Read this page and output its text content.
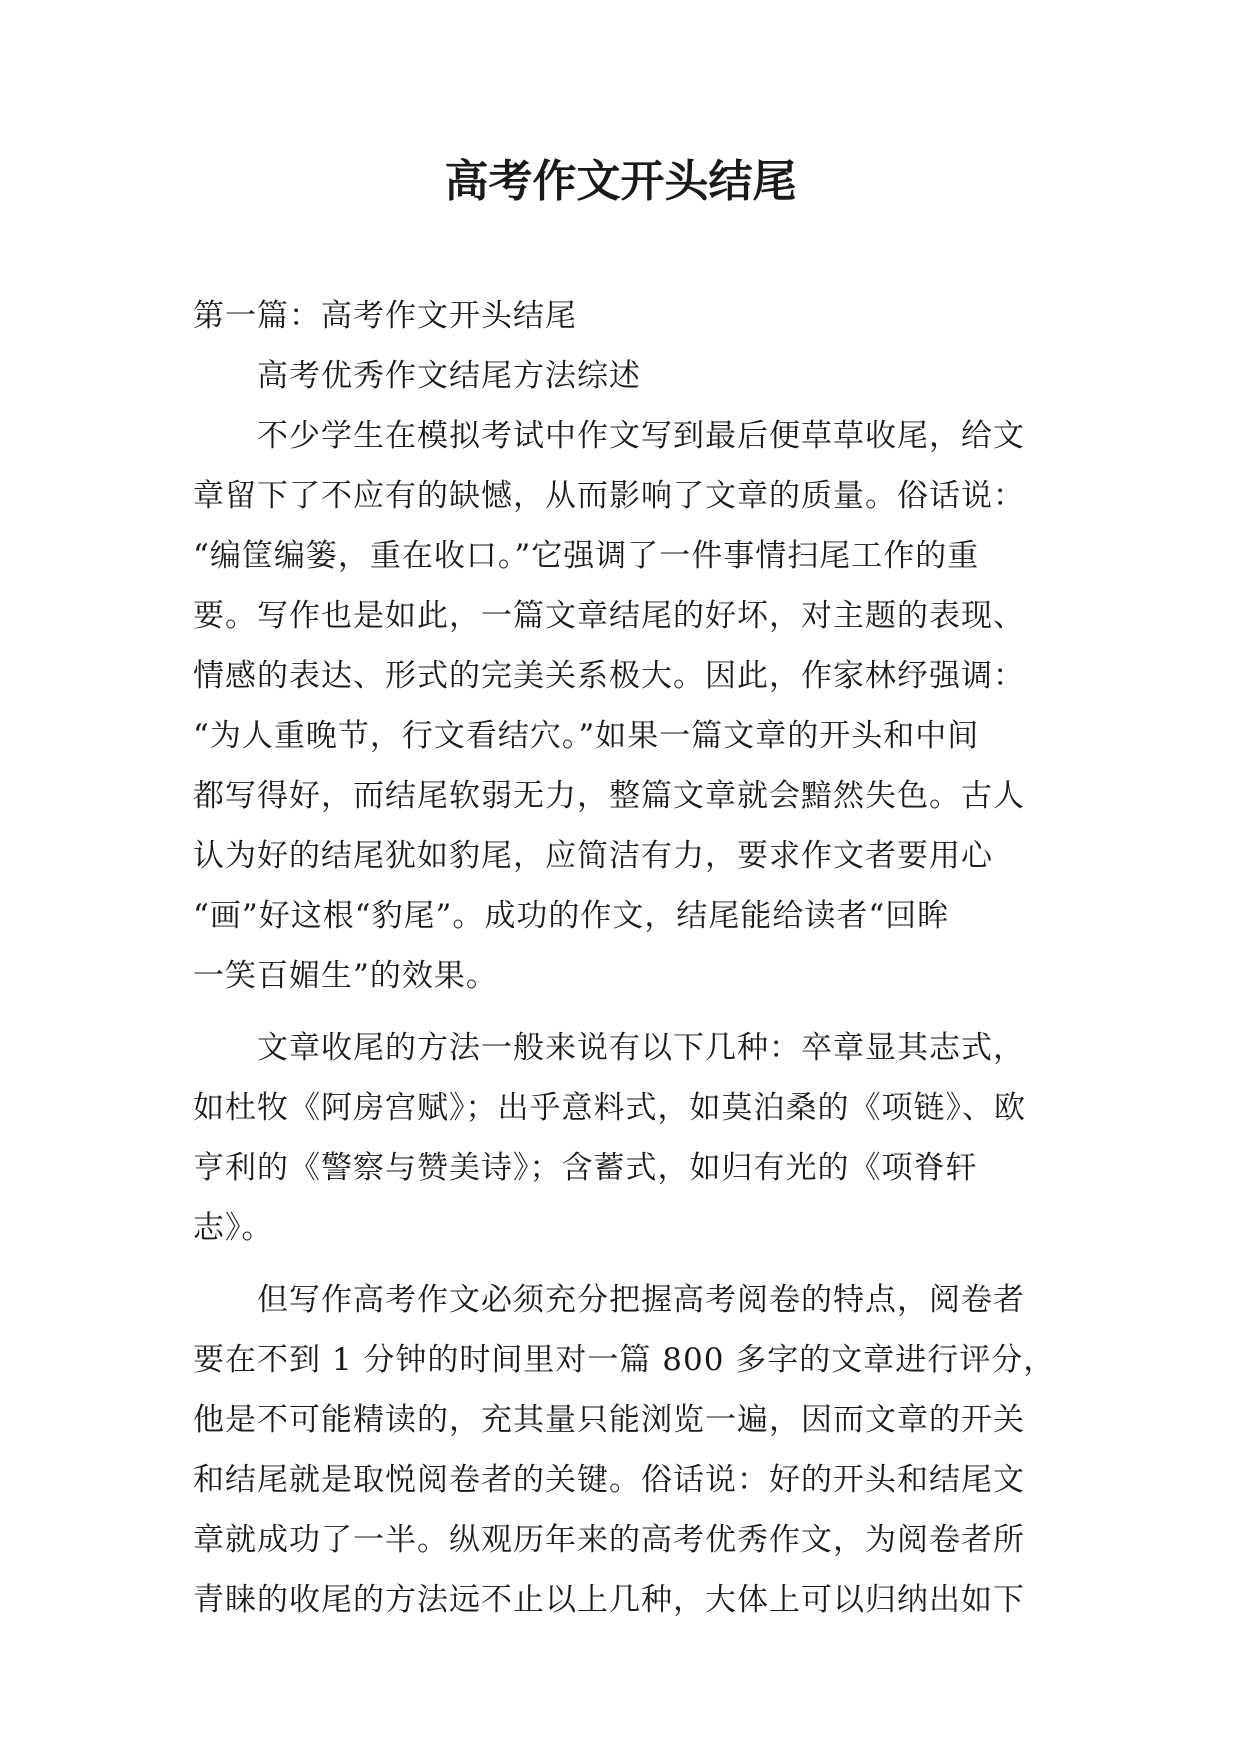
高考作文开头结尾
第一篇：高考作文开头结尾
高考优秀作文结尾方法综述
不少学生在模拟考试中作文写到最后便草草收尾，给文
章留下了不应有的缺憾，从而影响了文章的质量。俗话说：
“编筐编篓，重在收口。”它强调了一件事情扫尾工作的重
要。写作也是如此，一篇文章结尾的好坏，对主题的表现、
情感的表达、形式的完美关系极大。因此，作家林纾强调：
“为人重晚节，行文看结穴。”如果一篇文章的开头和中间
都写得好，而结尾软弱无力，整篇文章就会黯然失色。古人
认为好的结尾犹如豹尾，应简洁有力，要求作文者要用心
“画”好这根“豹尾”。成功的作文，结尾能给读者“回眸
一笑百媚生”的效果。
文章收尾的方法一般来说有以下几种：卒章显其志式，
如杜牧《阿房宫赋》；出乎意料式，如莫泊桑的《项链》、欧
亨利的《警察与赞美诗》；含蓄式，如归有光的《项脊轩
志》。
但写作高考作文必须充分把握高考阅卷的特点，阅卷者
要在不到 1 分钟的时间里对一篇 800 多字的文章进行评分，
他是不可能精读的，充其量只能浏览一遍，因而文章的开关
和结尾就是取悦阅卷者的关键。俗话说：好的开头和结尾文
章就成功了一半。纵观历年来的高考优秀作文，为阅卷者所
青睐的收尾的方法远不止以上几种，大体上可以归纳出如下
